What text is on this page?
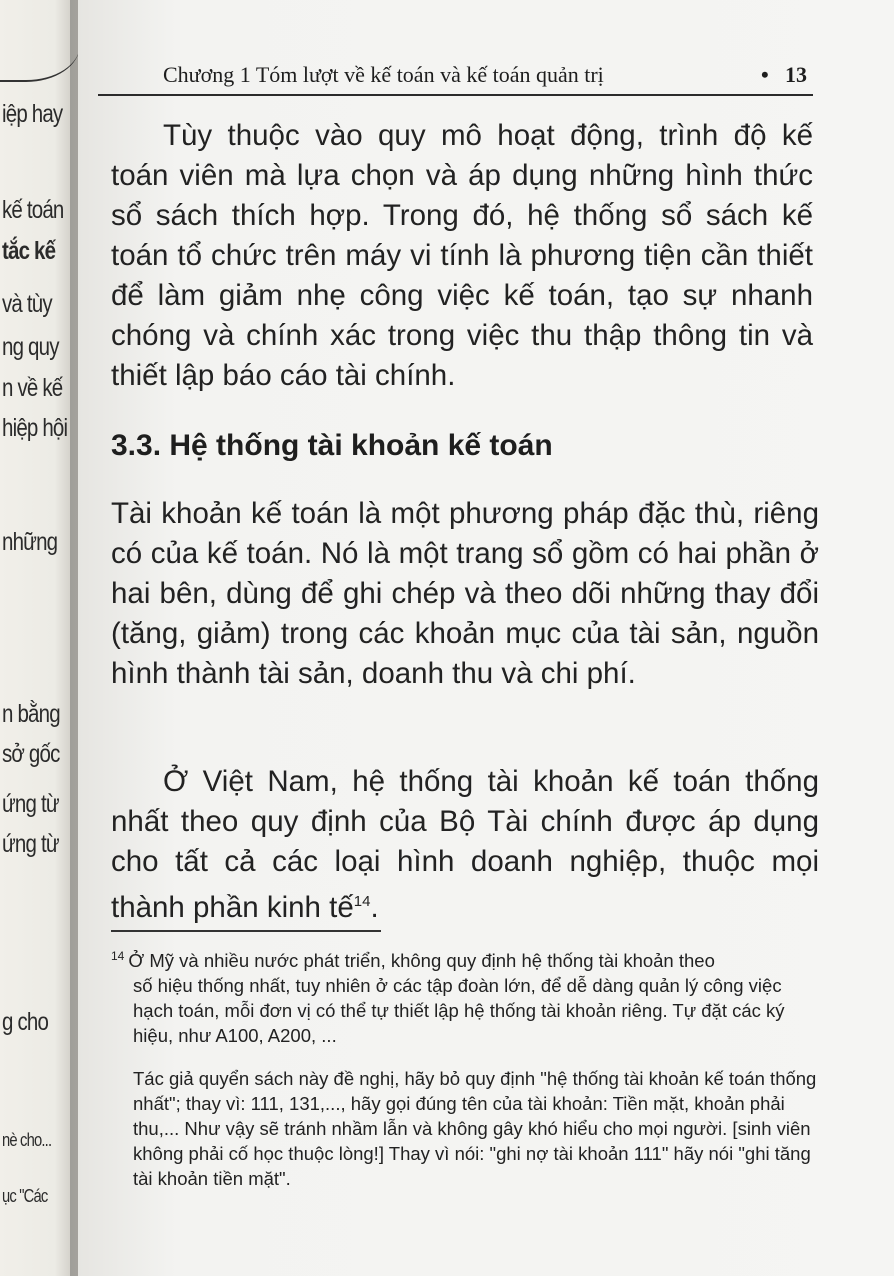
iệp hay
kế toán
tắc kế
và tùy
ng quy
n về kế
hiệp hội
những
n bằng
sở gốc
ứng từ
ứng từ
g cho
nè cho...
ục "Các
Chương 1 Tóm lượt về kế toán và kế toán quản trị	• 13

Tùy thuộc vào quy mô hoạt động, trình độ kế toán viên mà lựa chọn và áp dụng những hình thức sổ sách thích hợp. Trong đó, hệ thống sổ sách kế toán tổ chức trên máy vi tính là phương tiện cần thiết để làm giảm nhẹ công việc kế toán, tạo sự nhanh chóng và chính xác trong việc thu thập thông tin và thiết lập báo cáo tài chính.

3.3. Hệ thống tài khoản kế toán

Tài khoản kế toán là một phương pháp đặc thù, riêng có của kế toán. Nó là một trang sổ gồm có hai phần ở hai bên, dùng để ghi chép và theo dõi những thay đổi (tăng, giảm) trong các khoản mục của tài sản, nguồn hình thành tài sản, doanh thu và chi phí.

Ở Việt Nam, hệ thống tài khoản kế toán thống nhất theo quy định của Bộ Tài chính được áp dụng cho tất cả các loại hình doanh nghiệp, thuộc mọi thành phần kinh tế$^{14}$.

$^{14}$ Ở Mỹ và nhiều nước phát triển, không quy định hệ thống tài khoản theo
số hiệu thống nhất, tuy nhiên ở các tập đoàn lớn, để dễ dàng quản lý công việc hạch toán, mỗi đơn vị có thể tự thiết lập hệ thống tài khoản riêng. Tự đặt các ký hiệu, như A100, A200, ...

Tác giả quyển sách này đề nghị, hãy bỏ quy định "hệ thống tài khoản kế toán thống nhất"; thay vì: 111, 131,..., hãy gọi đúng tên của tài khoản: Tiền mặt, khoản phải thu,... Như vậy sẽ tránh nhầm lẫn và không gây khó hiểu cho mọi người. [sinh viên không phải cố học thuộc lòng!] Thay vì nói: "ghi nợ tài khoản 111" hãy nói "ghi tăng tài khoản tiền mặt".
